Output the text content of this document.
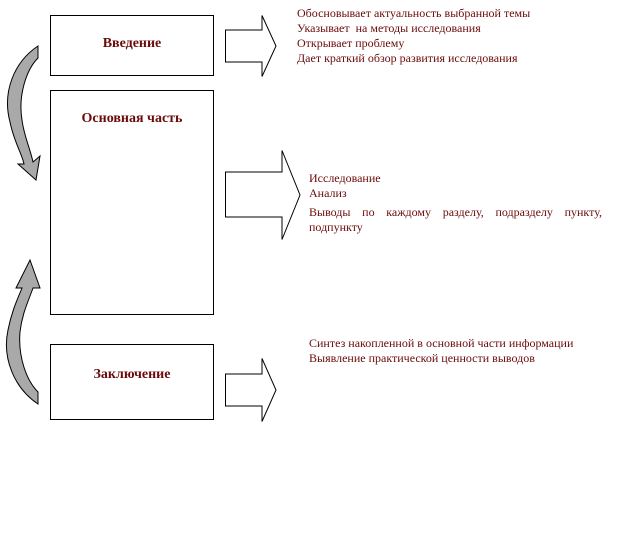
Введение
Основная часть
Заключение
Обосновывает актуальность выбранной темы
Указывает  на методы исследования
Открывает проблему
Дает краткий обзор развития исследования
Исследование
Анализ
Выводы по каждому разделу, подразделу пункту,
подпункту
Синтез накопленной в основной части информации
Выявление практической ценности выводов
